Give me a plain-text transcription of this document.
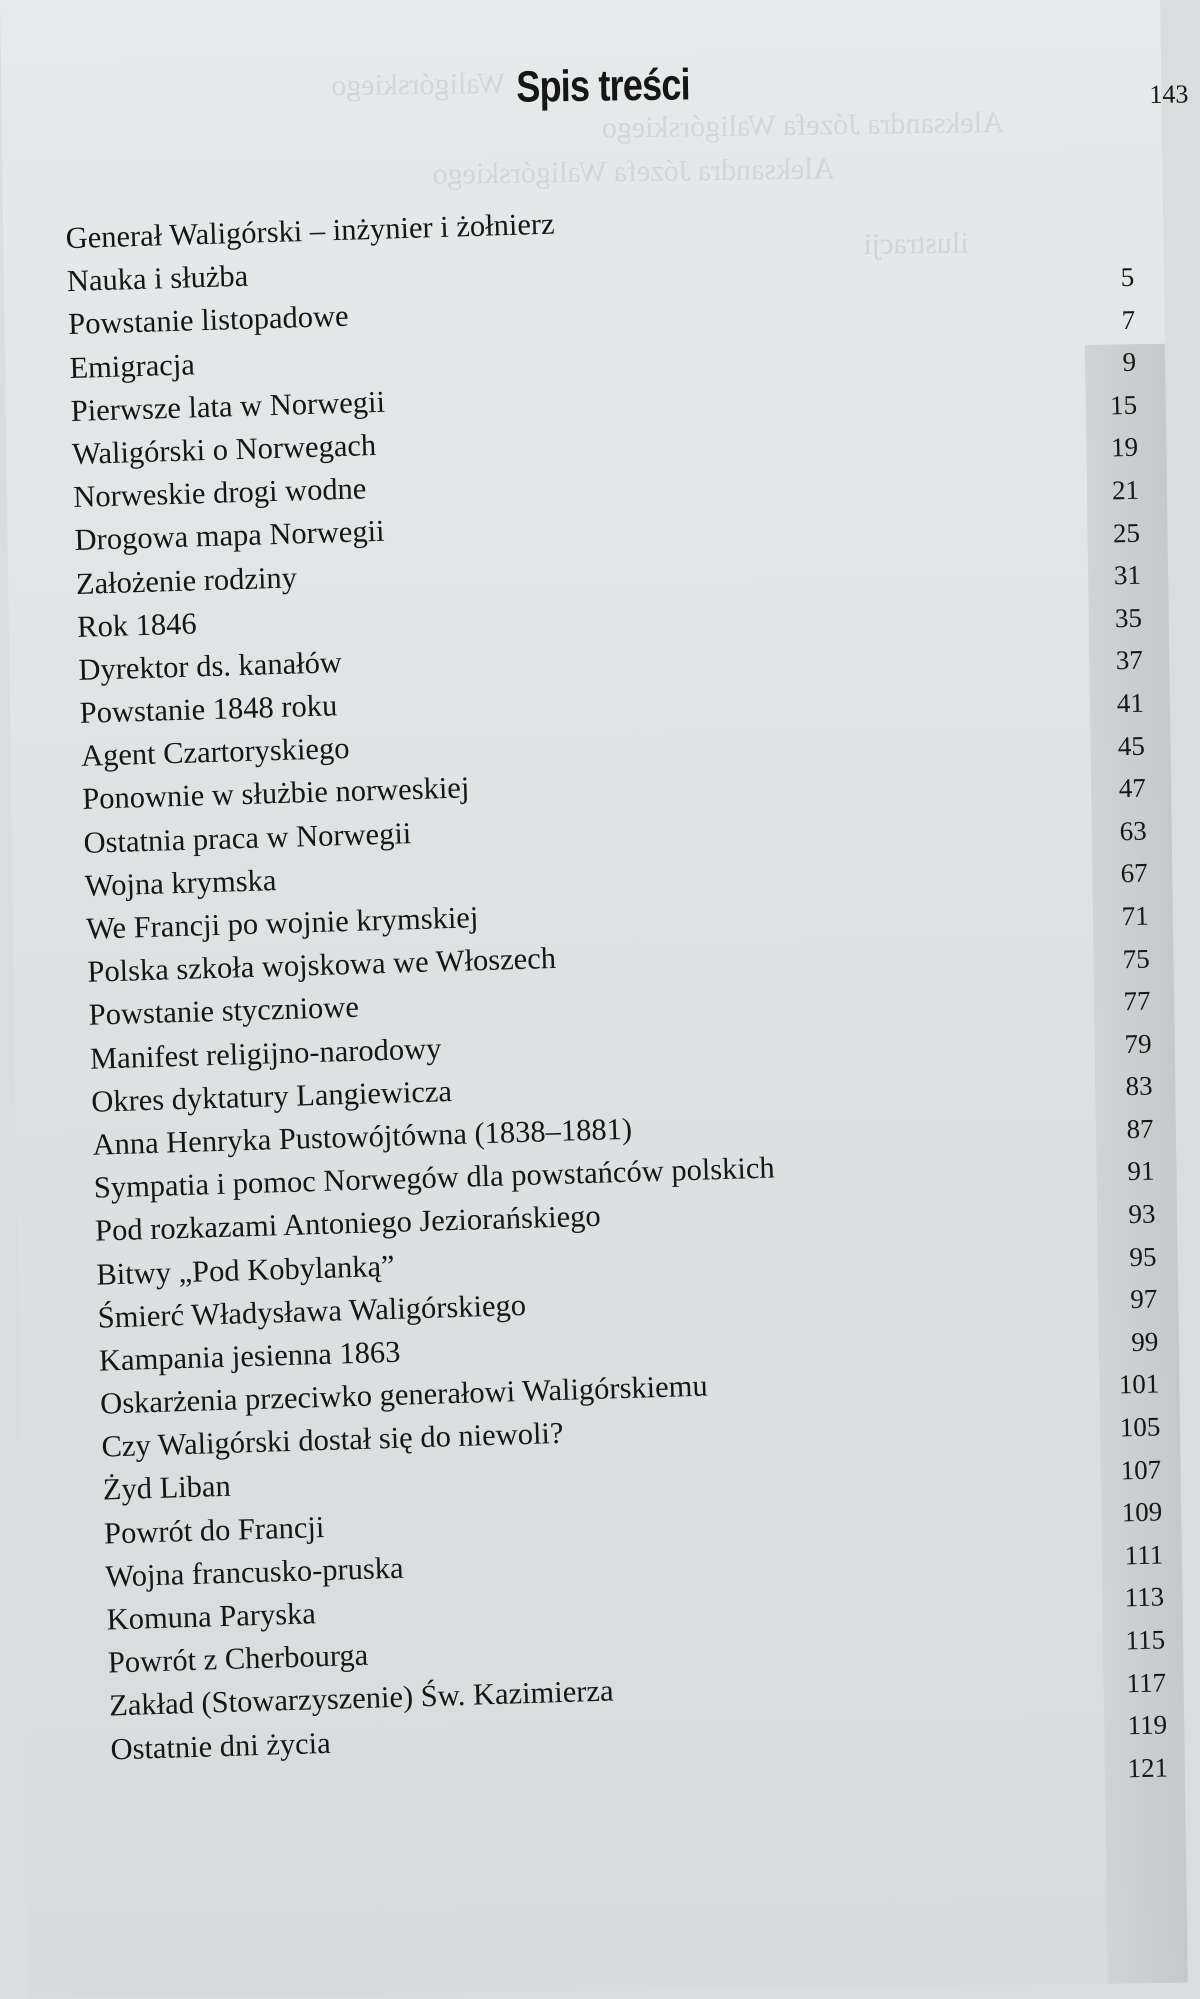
Waligórskiego
Aleksandra Józefa Waligórskiego
Aleksandra Józefa Waligórskiego
ilustracji
Spis treści	143
Generał Waligórski – inżynier i żołnierz
Nauka i służba
Powstanie listopadowe
Emigracja
Pierwsze lata w Norwegii
Waligórski o Norwegach
Norweskie drogi wodne
Drogowa mapa Norwegii
Założenie rodziny
Rok 1846
Dyrektor ds. kanałów
Powstanie 1848 roku
Agent Czartoryskiego
Ponownie w służbie norweskiej
Ostatnia praca w Norwegii
Wojna krymska
We Francji po wojnie krymskiej
Polska szkoła wojskowa we Włoszech
Powstanie styczniowe
Manifest religijno-narodowy
Okres dyktatury Langiewicza
Anna Henryka Pustowójtówna (1838–1881)
Sympatia i pomoc Norwegów dla powstańców polskich
Pod rozkazami Antoniego Jeziorańskiego
Bitwy „Pod Kobylanką”
Śmierć Władysława Waligórskiego
Kampania jesienna 1863
Oskarżenia przeciwko generałowi Waligórskiemu
Czy Waligórski dostał się do niewoli?
Żyd Liban
Powrót do Francji
Wojna francusko-pruska
Komuna Paryska
Powrót z Cherbourga
Zakład (Stowarzyszenie) Św. Kazimierza
Ostatnie dni życia
5
7
9
15
19
21
25
31
35
37
41
45
47
63
67
71
75
77
79
83
87
91
93
95
97
99
101
105
107
109
111
113
115
117
119
121
